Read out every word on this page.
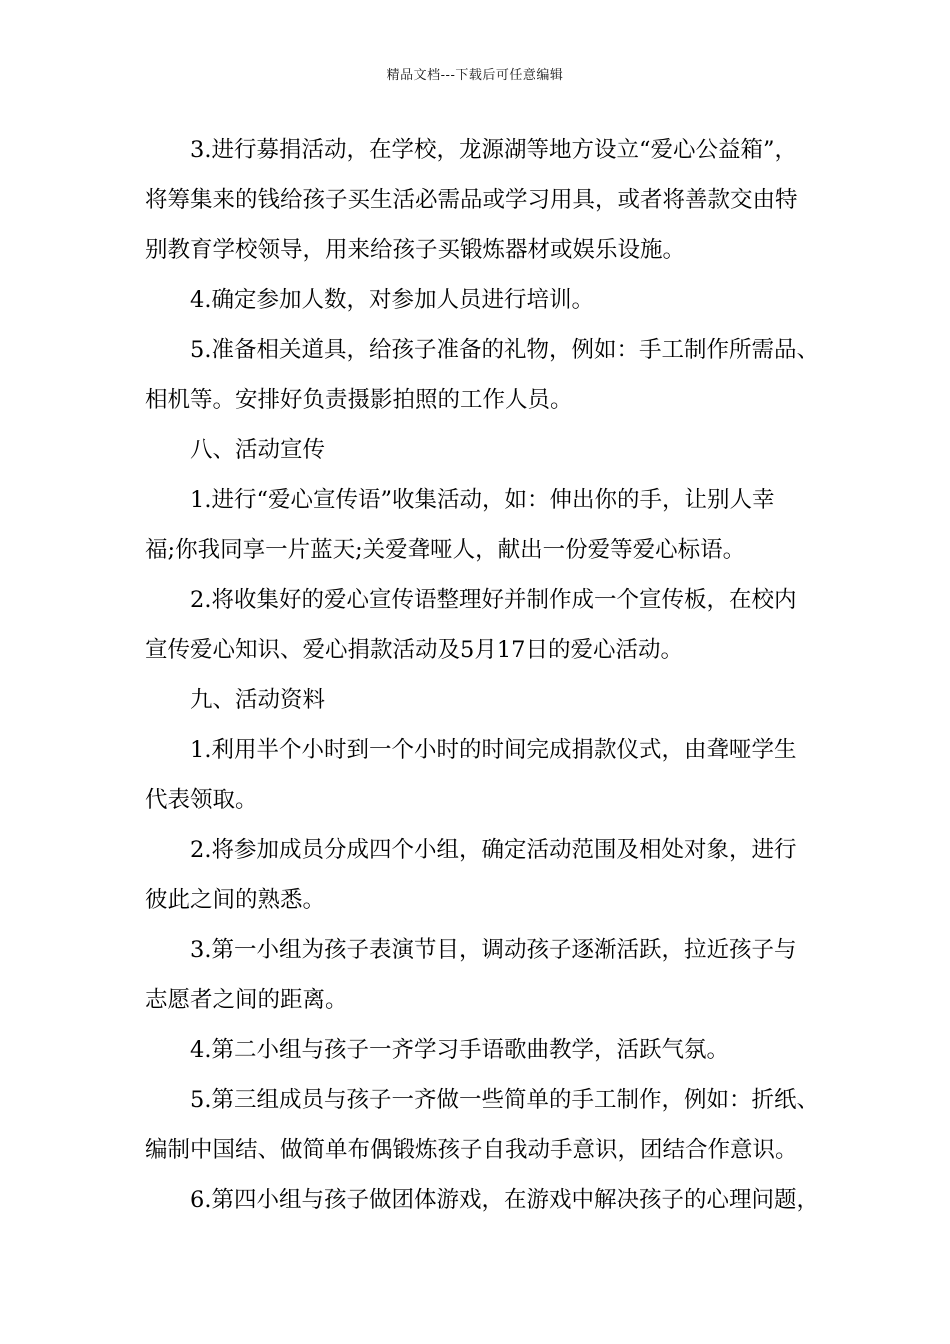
精品文档---下载后可任意编辑
3.进行募捐活动，在学校，龙源湖等地方设立“爱心公益箱”，
将筹集来的钱给孩子买生活必需品或学习用具，或者将善款交由特
别教育学校领导，用来给孩子买锻炼器材或娱乐设施。
4.确定参加人数，对参加人员进行培训。
5.准备相关道具，给孩子准备的礼物，例如：手工制作所需品、
相机等。安排好负责摄影拍照的工作人员。
八、活动宣传
1.进行“爱心宣传语”收集活动，如：伸出你的手，让别人幸
福;你我同享一片蓝天;关爱聋哑人，献出一份爱等爱心标语。
2.将收集好的爱心宣传语整理好并制作成一个宣传板，在校内
宣传爱心知识、爱心捐款活动及5月17日的爱心活动。
九、活动资料
1.利用半个小时到一个小时的时间完成捐款仪式，由聋哑学生
代表领取。
2.将参加成员分成四个小组，确定活动范围及相处对象，进行
彼此之间的熟悉。
3.第一小组为孩子表演节目，调动孩子逐渐活跃，拉近孩子与
志愿者之间的距离。
4.第二小组与孩子一齐学习手语歌曲教学，活跃气氛。
5.第三组成员与孩子一齐做一些简单的手工制作，例如：折纸、
编制中国结、做简单布偶锻炼孩子自我动手意识，团结合作意识。
6.第四小组与孩子做团体游戏，在游戏中解决孩子的心理问题，
